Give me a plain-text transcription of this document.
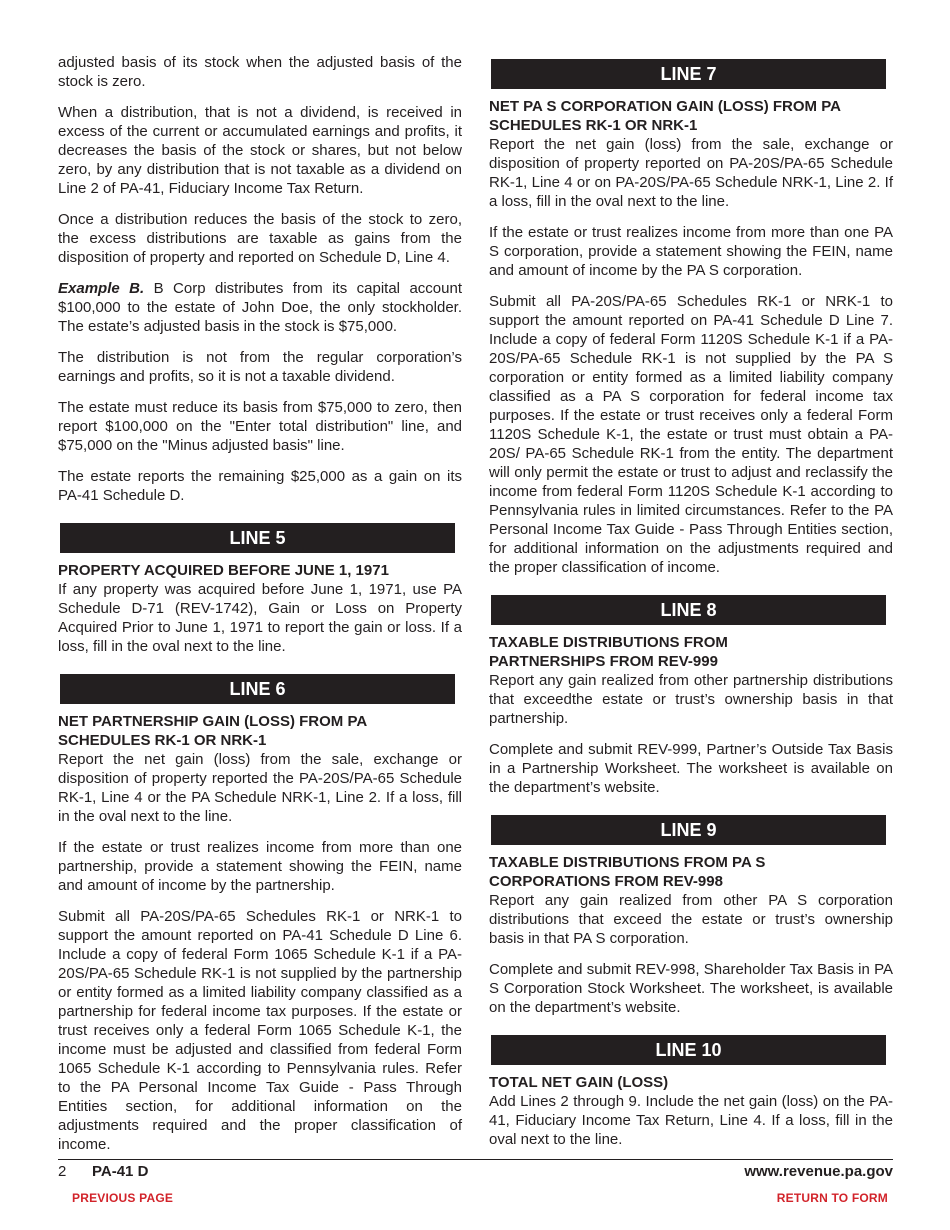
adjusted basis of its stock when the adjusted basis of the stock is zero.

When a distribution, that is not a dividend, is received in excess of the current or accumulated earnings and profits, it decreases the basis of the stock or shares, but not below zero, by any distribution that is not taxable as a dividend on Line 2 of PA-41, Fiduciary Income Tax Return.

Once a distribution reduces the basis of the stock to zero, the excess distributions are taxable as gains from the disposition of property and reported on Schedule D, Line 4.

Example B. B Corp distributes from its capital account $100,000 to the estate of John Doe, the only stockholder. The estate’s adjusted basis in the stock is $75,000.

The distribution is not from the regular corporation’s earnings and profits, so it is not a taxable dividend.

The estate must reduce its basis from $75,000 to zero, then report $100,000 on the "Enter total distribution" line, and $75,000 on the "Minus adjusted basis" line.

The estate reports the remaining $25,000 as a gain on its PA-41 Schedule D.

LINE 5
PROPERTY ACQUIRED BEFORE JUNE 1, 1971

If any property was acquired before June 1, 1971, use PA Schedule D-71 (REV-1742), Gain or Loss on Property Acquired Prior to June 1, 1971 to report the gain or loss. If a loss, fill in the oval next to the line.

LINE 6
NET PARTNERSHIP GAIN (LOSS) FROM PA
SCHEDULES RK-1 OR NRK-1

Report the net gain (loss) from the sale, exchange or disposition of property reported the PA-20S/PA-65 Schedule RK-1, Line 4 or the PA Schedule NRK-1, Line 2. If a loss, fill in the oval next to the line.

If the estate or trust realizes income from more than one partnership, provide a statement showing the FEIN, name and amount of income by the partnership.

Submit all PA-20S/PA-65 Schedules RK-1 or NRK-1 to support the amount reported on PA-41 Schedule D Line 6. Include a copy of federal Form 1065 Schedule K-1 if a PA-20S/PA-65 Schedule RK-1 is not supplied by the partnership or entity formed as a limited liability company classified as a partnership for federal income tax purposes. If the estate or trust receives only a federal Form 1065 Schedule K-1, the income must be adjusted and classified from federal Form 1065 Schedule K-1 according to Pennsylvania rules. Refer to the PA Personal Income Tax Guide - Pass Through Entities section, for additional information on the adjustments required and the proper classification of income.

LINE 7
NET PA S CORPORATION GAIN (LOSS) FROM PA
SCHEDULES RK-1 OR NRK-1

Report the net gain (loss) from the sale, exchange or disposition of property reported on PA-20S/PA-65 Schedule RK-1, Line 4 or on PA-20S/PA-65 Schedule NRK-1, Line 2. If a loss, fill in the oval next to the line.

If the estate or trust realizes income from more than one PA S corporation, provide a statement showing the FEIN, name and amount of income by the PA S corporation.

Submit all PA-20S/PA-65 Schedules RK-1 or NRK-1 to support the amount reported on PA-41 Schedule D Line 7. Include a copy of federal Form 1120S Schedule K-1 if a PA-20S/PA-65 Schedule RK-1 is not supplied by the PA S corporation or entity formed as a limited liability company classified as a PA S corporation for federal income tax purposes. If the estate or trust receives only a federal Form 1120S Schedule K-1, the estate or trust must obtain a PA-20S/ PA-65 Schedule RK-1 from the entity. The department will only permit the estate or trust to adjust and reclassify the income from federal Form 1120S Schedule K-1 according to Pennsylvania rules in limited circumstances. Refer to the PA Personal Income Tax Guide - Pass Through Entities section, for additional information on the adjustments required and the proper classification of income.

LINE 8
TAXABLE DISTRIBUTIONS FROM
PARTNERSHIPS FROM REV-999

Report any gain realized from other partnership distributions that exceedthe estate or trust’s ownership basis in that partnership.

Complete and submit REV-999, Partner’s Outside Tax Basis in a Partnership Worksheet. The worksheet is available on the department’s website.

LINE 9
TAXABLE DISTRIBUTIONS FROM PA S
CORPORATIONS FROM REV-998

Report any gain realized from other PA S corporation distributions that exceed the estate or trust’s ownership basis in that PA S corporation.

Complete and submit REV-998, Shareholder Tax Basis in PA S Corporation Stock Worksheet. The worksheet, is available on the department’s website.

LINE 10
TOTAL NET GAIN (LOSS)

Add Lines 2 through 9. Include the net gain (loss) on the PA-41, Fiduciary Income Tax Return, Line 4. If a loss, fill in the oval next to the line.

2 PA-41 D	www.revenue.pa.gov
PREVIOUS PAGE	RETURN TO FORM
